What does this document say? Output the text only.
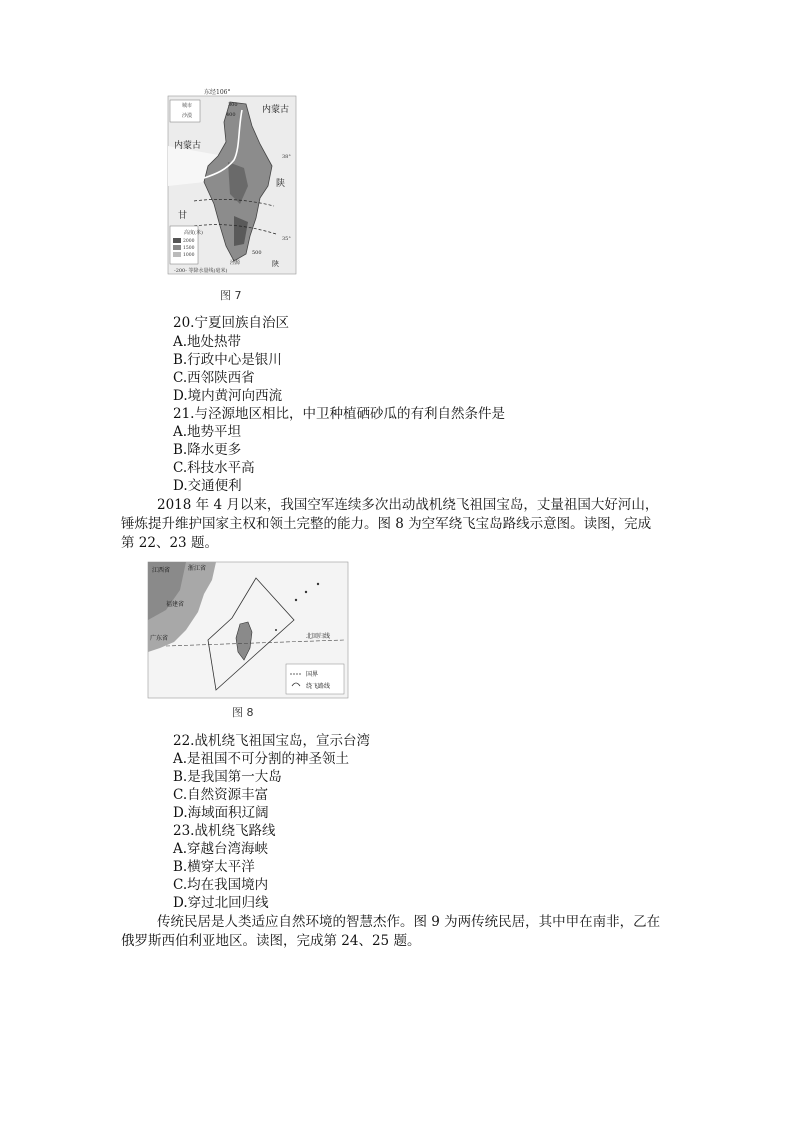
东经106°
高度(米)
2000
1500
1000
城市
沙漠
-200- 等降水量线(毫米)
内蒙古
内蒙古
陕
甘
陕
38°
35°
300
400
500
泾源
图 7
20.宁夏回族自治区
A.地处热带
B.行政中心是银川
C.西邻陕西省
D.境内黄河向西流
21.与泾源地区相比，中卫种植硒砂瓜的有利自然条件是
A.地势平坦
B.降水更多
C.科技水平高
D.交通便利
2018 年 4 月以来，我国空军连续多次出动战机绕飞祖国宝岛，丈量祖国大好河山，
锤炼提升维护国家主权和领土完整的能力。图 8 为空军绕飞宝岛路线示意图。读图，完成
第 22、23 题。
江西省	浙江省
福建省
广东省	北回归线
国界
绕飞路线
图 8
22.战机绕飞祖国宝岛，宣示台湾
A.是祖国不可分割的神圣领土
B.是我国第一大岛
C.自然资源丰富
D.海域面积辽阔
23.战机绕飞路线
A.穿越台湾海峡
B.横穿太平洋
C.均在我国境内
D.穿过北回归线
传统民居是人类适应自然环境的智慧杰作。图 9 为两传统民居，其中甲在南非，乙在
俄罗斯西伯利亚地区。读图，完成第 24、25 题。
